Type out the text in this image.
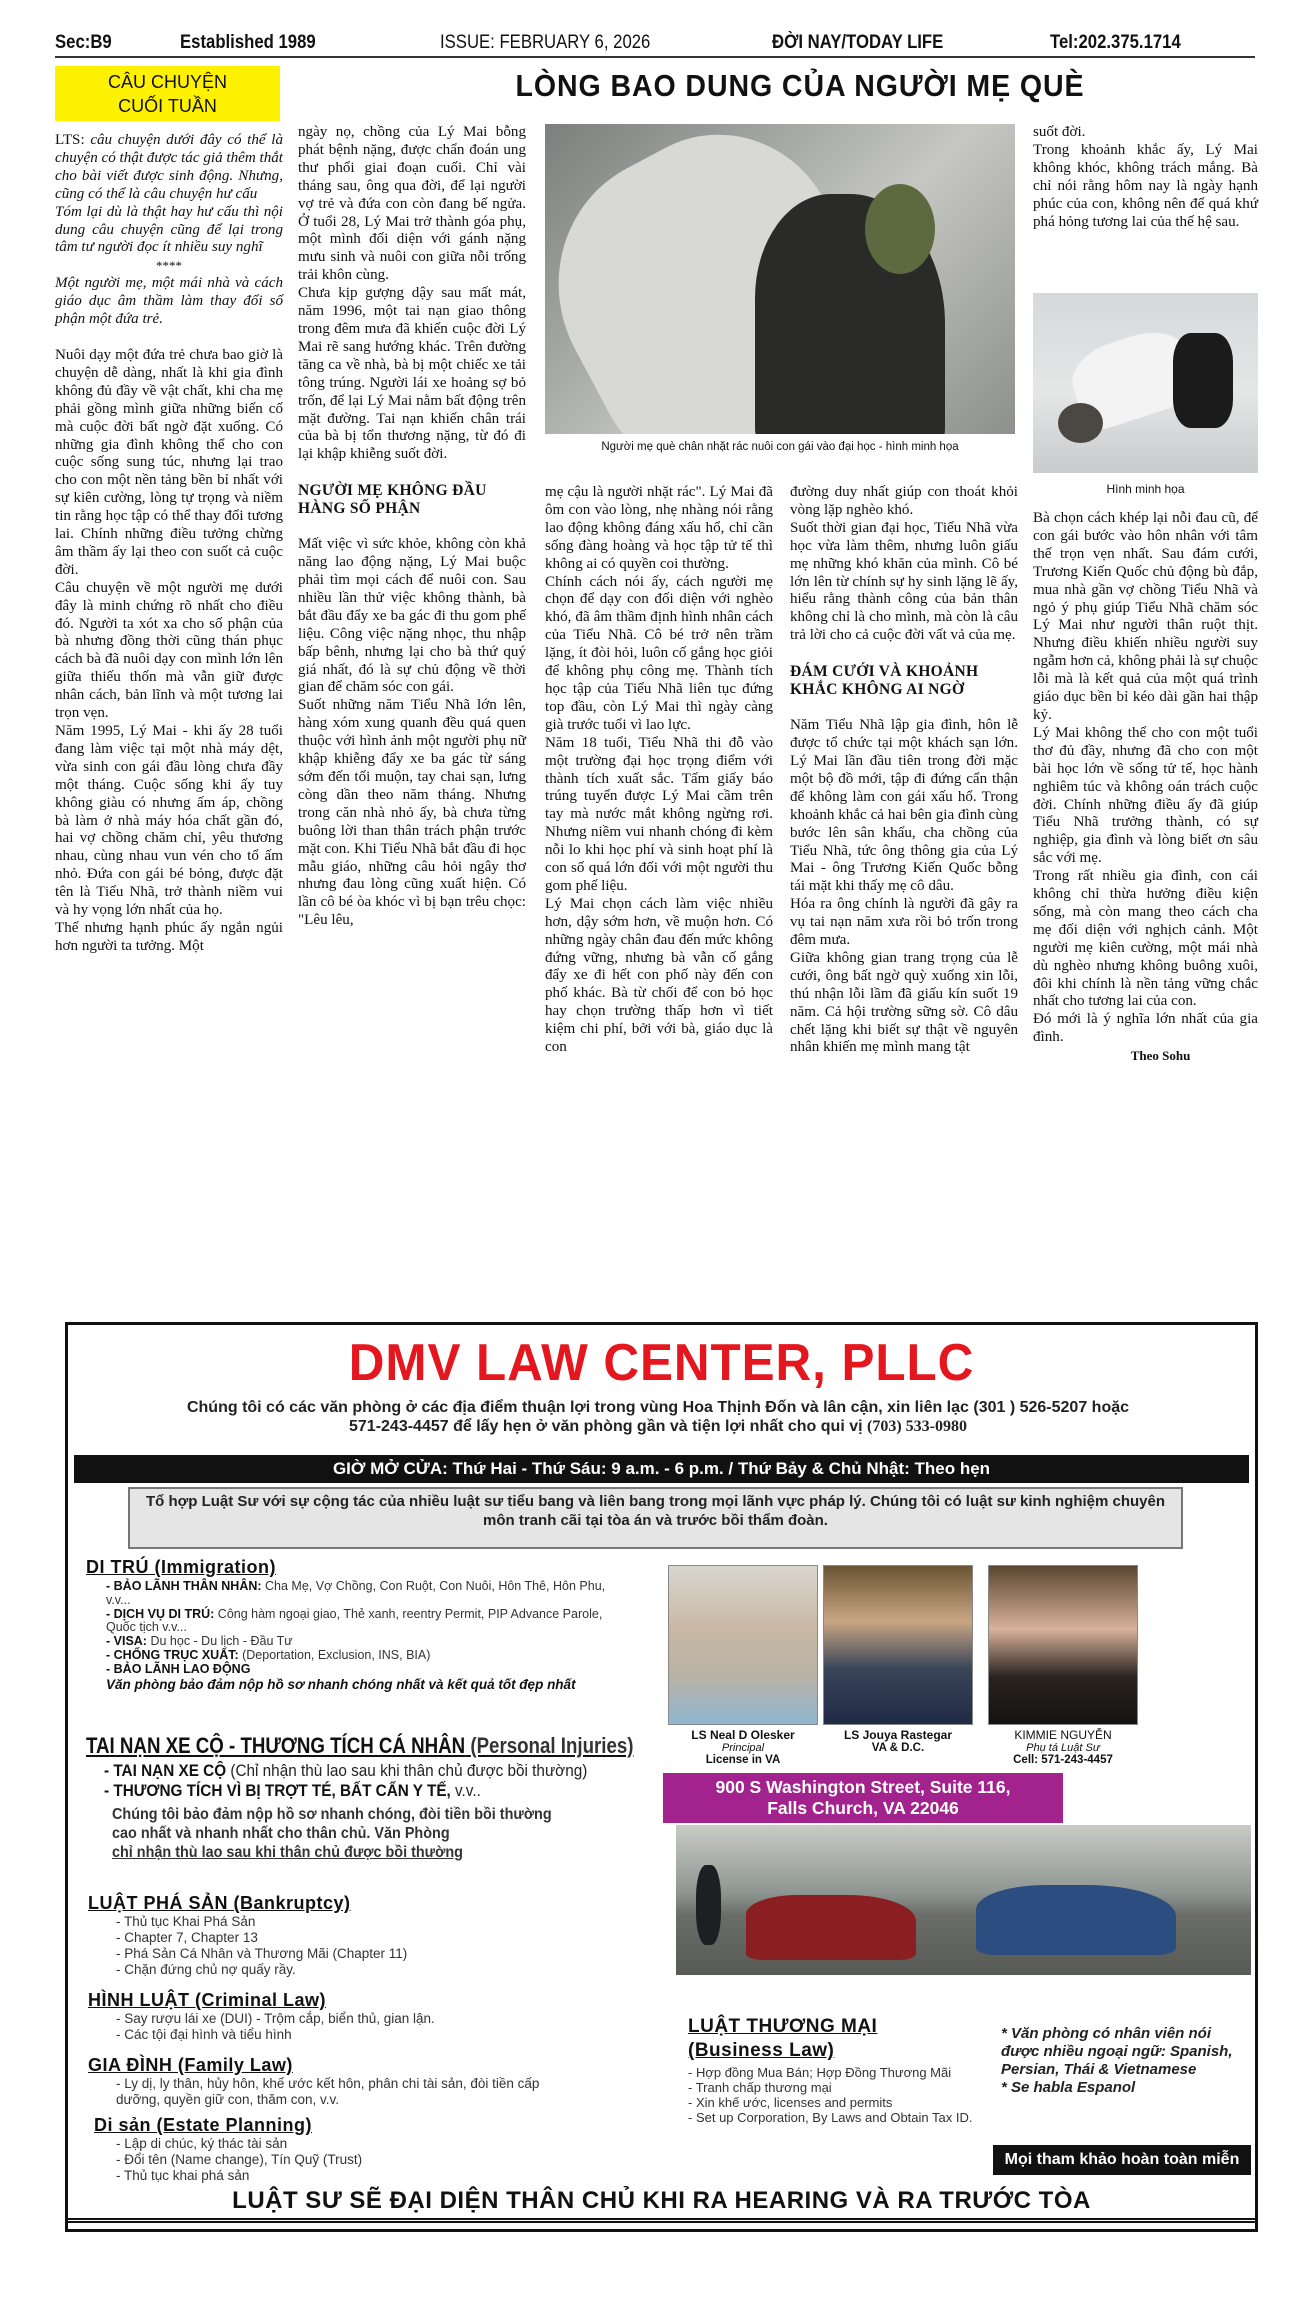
Sec:B9	Established 1989	ISSUE: FEBRUARY 6, 2026	ĐỜI NAY/TODAY LIFE	Tel:202.375.1714
CÂU CHUYỆN
CUỐI TUẦN
LÒNG BAO DUNG CỦA NGƯỜI MẸ QUÈ

LTS: câu chuyện dưới đây có thể là chuyện có thật được tác giả thêm thắt cho bài viết được sinh động. Nhưng, cũng có thể là câu chuyện hư cấu

Tóm lại dù là thật hay hư cấu thì nội dung câu chuyện cũng để lại trong tâm tư người đọc ít nhiều suy nghĩ

****

Một người mẹ, một mái nhà và cách giáo dục âm thầm làm thay đổi số phận một đứa trẻ.

Nuôi dạy một đứa trẻ chưa bao giờ là chuyện dễ dàng, nhất là khi gia đình không đủ đầy về vật chất, khi cha mẹ phải gồng mình giữa những biến cố mà cuộc đời bất ngờ đặt xuống. Có những gia đình không thể cho con cuộc sống sung túc, nhưng lại trao cho con một nền tảng bền bỉ nhất với sự kiên cường, lòng tự trọng và niềm tin rằng học tập có thể thay đổi tương lai. Chính những điều tưởng chừng âm thầm ấy lại theo con suốt cả cuộc đời.

Câu chuyện về một người mẹ dưới đây là minh chứng rõ nhất cho điều đó. Người ta xót xa cho số phận của bà nhưng đồng thời cũng thán phục cách bà đã nuôi dạy con mình lớn lên giữa thiếu thốn mà vẫn giữ được nhân cách, bản lĩnh và một tương lai trọn vẹn.

Năm 1995, Lý Mai - khi ấy 28 tuổi đang làm việc tại một nhà máy dệt, vừa sinh con gái đầu lòng chưa đầy một tháng. Cuộc sống khi ấy tuy không giàu có nhưng ấm áp, chồng bà làm ở nhà máy hóa chất gần đó, hai vợ chồng chăm chỉ, yêu thương nhau, cùng nhau vun vén cho tổ ấm nhỏ. Đứa con gái bé bỏng, được đặt tên là Tiểu Nhã, trở thành niềm vui và hy vọng lớn nhất của họ.

Thế nhưng hạnh phúc ấy ngắn ngủi hơn người ta tưởng. Một

ngày nọ, chồng của Lý Mai bỗng phát bệnh nặng, được chẩn đoán ung thư phổi giai đoạn cuối. Chỉ vài tháng sau, ông qua đời, để lại người vợ trẻ và đứa con còn đang bế ngửa. Ở tuổi 28, Lý Mai trở thành góa phụ, một mình đối diện với gánh nặng mưu sinh và nuôi con giữa nỗi trống trải khôn cùng.

Chưa kịp gượng dậy sau mất mát, năm 1996, một tai nạn giao thông trong đêm mưa đã khiến cuộc đời Lý Mai rẽ sang hướng khác. Trên đường tăng ca về nhà, bà bị một chiếc xe tải tông trúng. Người lái xe hoảng sợ bỏ trốn, để lại Lý Mai nằm bất động trên mặt đường. Tai nạn khiến chân trái của bà bị tổn thương nặng, từ đó đi lại khập khiễng suốt đời.

NGƯỜI MẸ KHÔNG ĐẦU HÀNG SỐ PHẬN

Mất việc vì sức khỏe, không còn khả năng lao động nặng, Lý Mai buộc phải tìm mọi cách để nuôi con. Sau nhiều lần thử việc không thành, bà bắt đầu đẩy xe ba gác đi thu gom phế liệu. Công việc nặng nhọc, thu nhập bấp bênh, nhưng lại cho bà thứ quý giá nhất, đó là sự chủ động về thời gian để chăm sóc con gái.

Suốt những năm Tiểu Nhã lớn lên, hàng xóm xung quanh đều quá quen thuộc với hình ảnh một người phụ nữ khập khiễng đẩy xe ba gác từ sáng sớm đến tối muộn, tay chai sạn, lưng còng dần theo năm tháng. Nhưng trong căn nhà nhỏ ấy, bà chưa từng buông lời than thân trách phận trước mặt con. Khi Tiểu Nhã bắt đầu đi học mẫu giáo, những câu hỏi ngây thơ nhưng đau lòng cũng xuất hiện. Có lần cô bé òa khóc vì bị bạn trêu chọc: "Lêu lêu,

Người mẹ què chân nhặt rác nuôi con gái vào đại học - hình minh họa

mẹ cậu là người nhặt rác". Lý Mai đã ôm con vào lòng, nhẹ nhàng nói rằng lao động không đáng xấu hổ, chỉ cần sống đàng hoàng và học tập tử tế thì không ai có quyền coi thường.

Chính cách nói ấy, cách người mẹ chọn để dạy con đối diện với nghèo khó, đã âm thầm định hình nhân cách của Tiểu Nhã. Cô bé trở nên trầm lặng, ít đòi hỏi, luôn cố gắng học giỏi để không phụ công mẹ. Thành tích học tập của Tiểu Nhã liên tục đứng top đầu, còn Lý Mai thì ngày càng già trước tuổi vì lao lực.

Năm 18 tuổi, Tiểu Nhã thi đỗ vào một trường đại học trọng điểm với thành tích xuất sắc. Tấm giấy báo trúng tuyển được Lý Mai cầm trên tay mà nước mắt không ngừng rơi. Nhưng niềm vui nhanh chóng đi kèm nỗi lo khi học phí và sinh hoạt phí là con số quá lớn đối với một người thu gom phế liệu.

Lý Mai chọn cách làm việc nhiều hơn, dậy sớm hơn, về muộn hơn. Có những ngày chân đau đến mức không đứng vững, nhưng bà vẫn cố gắng đẩy xe đi hết con phố này đến con phố khác. Bà từ chối để con bỏ học hay chọn trường thấp hơn vì tiết kiệm chi phí, bởi với bà, giáo dục là con

đường duy nhất giúp con thoát khỏi vòng lặp nghèo khó.

Suốt thời gian đại học, Tiểu Nhã vừa học vừa làm thêm, nhưng luôn giấu mẹ những khó khăn của mình. Cô bé lớn lên từ chính sự hy sinh lặng lẽ ấy, hiểu rằng thành công của bản thân không chỉ là cho mình, mà còn là câu trả lời cho cả cuộc đời vất vả của mẹ.

ĐÁM CƯỚI VÀ KHOẢNH KHẮC KHÔNG AI NGỜ

Năm Tiểu Nhã lập gia đình, hôn lễ được tổ chức tại một khách sạn lớn. Lý Mai lần đầu tiên trong đời mặc một bộ đồ mới, tập đi đứng cẩn thận để không làm con gái xấu hổ. Trong khoảnh khắc cả hai bên gia đình cùng bước lên sân khấu, cha chồng của Tiểu Nhã, tức ông thông gia của Lý Mai - ông Trương Kiến Quốc bỗng tái mặt khi thấy mẹ cô dâu.

Hóa ra ông chính là người đã gây ra vụ tai nạn năm xưa rồi bỏ trốn trong đêm mưa.

Giữa không gian trang trọng của lễ cưới, ông bất ngờ quỳ xuống xin lỗi, thú nhận lỗi lầm đã giấu kín suốt 19 năm. Cả hội trường sững sờ. Cô dâu chết lặng khi biết sự thật về nguyên nhân khiến mẹ mình mang tật

suốt đời.

Trong khoảnh khắc ấy, Lý Mai không khóc, không trách mắng. Bà chỉ nói rằng hôm nay là ngày hạnh phúc của con, không nên để quá khứ phá hỏng tương lai của thế hệ sau.

Hình minh họa

Bà chọn cách khép lại nỗi đau cũ, để con gái bước vào hôn nhân với tâm thế trọn vẹn nhất. Sau đám cưới, Trương Kiến Quốc chủ động bù đắp, mua nhà gần vợ chồng Tiểu Nhã và ngỏ ý phụ giúp Tiểu Nhã chăm sóc Lý Mai như người thân ruột thịt. Nhưng điều khiến nhiều người suy ngẫm hơn cả, không phải là sự chuộc lỗi mà là kết quả của một quá trình giáo dục bền bỉ kéo dài gần hai thập kỷ.

Lý Mai không thể cho con một tuổi thơ đủ đầy, nhưng đã cho con một bài học lớn về sống tử tế, học hành nghiêm túc và không oán trách cuộc đời. Chính những điều ấy đã giúp Tiểu Nhã trưởng thành, có sự nghiệp, gia đình và lòng biết ơn sâu sắc với mẹ.

Trong rất nhiều gia đình, con cái không chỉ thừa hưởng điều kiện sống, mà còn mang theo cách cha mẹ đối diện với nghịch cảnh. Một người mẹ kiên cường, một mái nhà dù nghèo nhưng không buông xuôi, đôi khi chính là nền tảng vững chắc nhất cho tương lai của con.

Đó mới là ý nghĩa lớn nhất của gia đình.

Theo Sohu

DMV LAW CENTER, PLLC
Chúng tôi có các văn phòng ở các địa điểm thuận lợi trong vùng Hoa Thịnh Đốn và lân cận, xin liên lạc (301 ) 526-5207 hoặc 571-243-4457 để lấy hẹn ở văn phòng gần và tiện lợi nhất cho qui vị (703) 533-0980
GIỜ MỞ CỬA: Thứ Hai - Thứ Sáu: 9 a.m. - 6 p.m. / Thứ Bảy & Chủ Nhật: Theo hẹn
Tổ hợp Luật Sư với sự cộng tác của nhiều luật sư tiểu bang và liên bang trong mọi lãnh vực pháp lý. Chúng tôi có luật sư kinh nghiệm chuyên môn tranh cãi tại tòa án và trước bồi thẩm đoàn.
DI TRÚ (Immigration)
- BẢO LÃNH THÂN NHÂN: Cha Mẹ, Vợ Chồng, Con Ruột, Con Nuôi, Hôn Thê, Hôn Phu, v.v...
- DỊCH VỤ DI TRÚ: Công hàm ngoại giao, Thẻ xanh, reentry Permit, PIP Advance Parole, Quốc tịch v.v...
- VISA: Du học - Du lịch - Đầu Tư
- CHỐNG TRỤC XUẤT: (Deportation, Exclusion, INS, BIA)
- BẢO LÃNH LAO ĐỘNG
Văn phòng bảo đảm nộp hồ sơ nhanh chóng nhất và kết quả tốt đẹp nhất
TAI NẠN XE CỘ - THƯƠNG TÍCH CÁ NHÂN (Personal Injuries)
- TAI NẠN XE CỘ (Chỉ nhận thù lao sau khi thân chủ được bồi thường)
- THƯƠNG TÍCH VÌ BỊ TRỢT TÉ, BẤT CẨN Y TẾ, v.v..
Chúng tôi bảo đảm nộp hồ sơ nhanh chóng, đòi tiền bồi thường
cao nhất và nhanh nhất cho thân chủ. Văn Phòng
chỉ nhận thù lao sau khi thân chủ được bồi thường
LUẬT PHÁ SẢN (Bankruptcy)
- Thủ tục Khai Phá Sản
- Chapter 7, Chapter 13
- Phá Sản Cá Nhân và Thương Mãi (Chapter 11)
- Chặn đứng chủ nợ quấy rầy.
HÌNH LUẬT (Criminal Law)
- Say rượu lái xe (DUI) - Trộm cắp, biển thủ, gian lận.
- Các tội đại hình và tiểu hình
GIA ĐÌNH (Family Law)
- Ly dị, ly thân, hủy hôn, khế ước kết hôn, phân chi tài sản, đòi tiền cấp dưỡng, quyền giữ con, thăm con, v.v.
Di sản (Estate Planning)
- Lập di chúc, ký thác tài sản
- Đổi tên (Name change), Tín Quỹ (Trust)
- Thủ tục khai phá sản
LS Neal D Olesker
Principal
License in VA
LS Jouya Rastegar
VA & D.C.
KIMMIE NGUYỄN
Phụ tá Luật Sư
Cell: 571-243-4457
900 S Washington Street, Suite 116,
Falls Church, VA 22046
LUẬT THƯƠNG MẠI
(Business Law)
- Hợp đồng Mua Bán; Hợp Đồng Thương Mãi
- Tranh chấp thương mại
- Xin khế ước, licenses and permits
- Set up Corporation, By Laws and Obtain Tax ID.
* Văn phòng có nhân viên nói được nhiều ngoại ngữ: Spanish, Persian, Thái & Vietnamese
* Se habla Espanol
Mọi tham khảo hoàn toàn miễn phí
LUẬT SƯ SẼ ĐẠI DIỆN THÂN CHỦ KHI RA HEARING VÀ RA TRƯỚC TÒA
